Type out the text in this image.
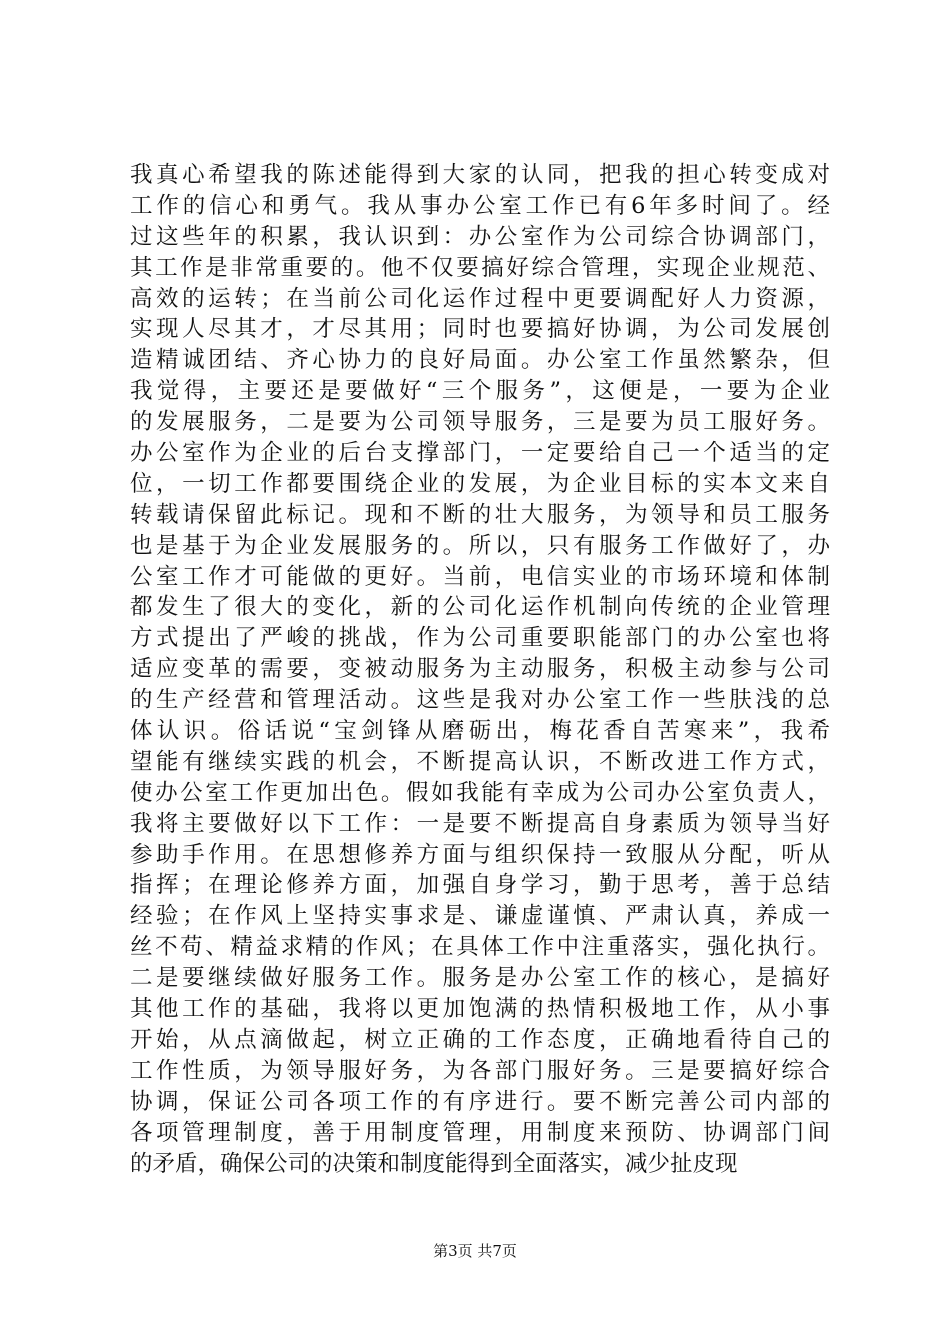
我真心希望我的陈述能得到大家的认同，把我的担心转变成对
工作的信心和勇气。我从事办公室工作已有6年多时间了。经
过这些年的积累，我认识到：办公室作为公司综合协调部门，
其工作是非常重要的。他不仅要搞好综合管理，实现企业规范、
高效的运转；在当前公司化运作过程中更要调配好人力资源，
实现人尽其才，才尽其用；同时也要搞好协调，为公司发展创
造精诚团结、齐心协力的良好局面。办公室工作虽然繁杂，但
我觉得，主要还是要做好“三个服务”，这便是，一要为企业
的发展服务，二是要为公司领导服务，三是要为员工服好务。
办公室作为企业的后台支撑部门，一定要给自己一个适当的定
位，一切工作都要围绕企业的发展，为企业目标的实本文来自
转载请保留此标记。现和不断的壮大服务，为领导和员工服务
也是基于为企业发展服务的。所以，只有服务工作做好了，办
公室工作才可能做的更好。当前，电信实业的市场环境和体制
都发生了很大的变化，新的公司化运作机制向传统的企业管理
方式提出了严峻的挑战，作为公司重要职能部门的办公室也将
适应变革的需要，变被动服务为主动服务，积极主动参与公司
的生产经营和管理活动。这些是我对办公室工作一些肤浅的总
体认识。俗话说“宝剑锋从磨砺出，梅花香自苦寒来”，我希
望能有继续实践的机会，不断提高认识，不断改进工作方式，
使办公室工作更加出色。假如我能有幸成为公司办公室负责人，
我将主要做好以下工作：一是要不断提高自身素质为领导当好
参助手作用。在思想修养方面与组织保持一致服从分配，听从
指挥；在理论修养方面，加强自身学习，勤于思考，善于总结
经验；在作风上坚持实事求是、谦虚谨慎、严肃认真，养成一
丝不苟、精益求精的作风；在具体工作中注重落实，强化执行。
二是要继续做好服务工作。服务是办公室工作的核心，是搞好
其他工作的基础，我将以更加饱满的热情积极地工作，从小事
开始，从点滴做起，树立正确的工作态度，正确地看待自己的
工作性质，为领导服好务，为各部门服好务。三是要搞好综合
协调，保证公司各项工作的有序进行。要不断完善公司内部的
各项管理制度，善于用制度管理，用制度来预防、协调部门间
的矛盾，确保公司的决策和制度能得到全面落实，减少扯皮现
第3页 共7页
